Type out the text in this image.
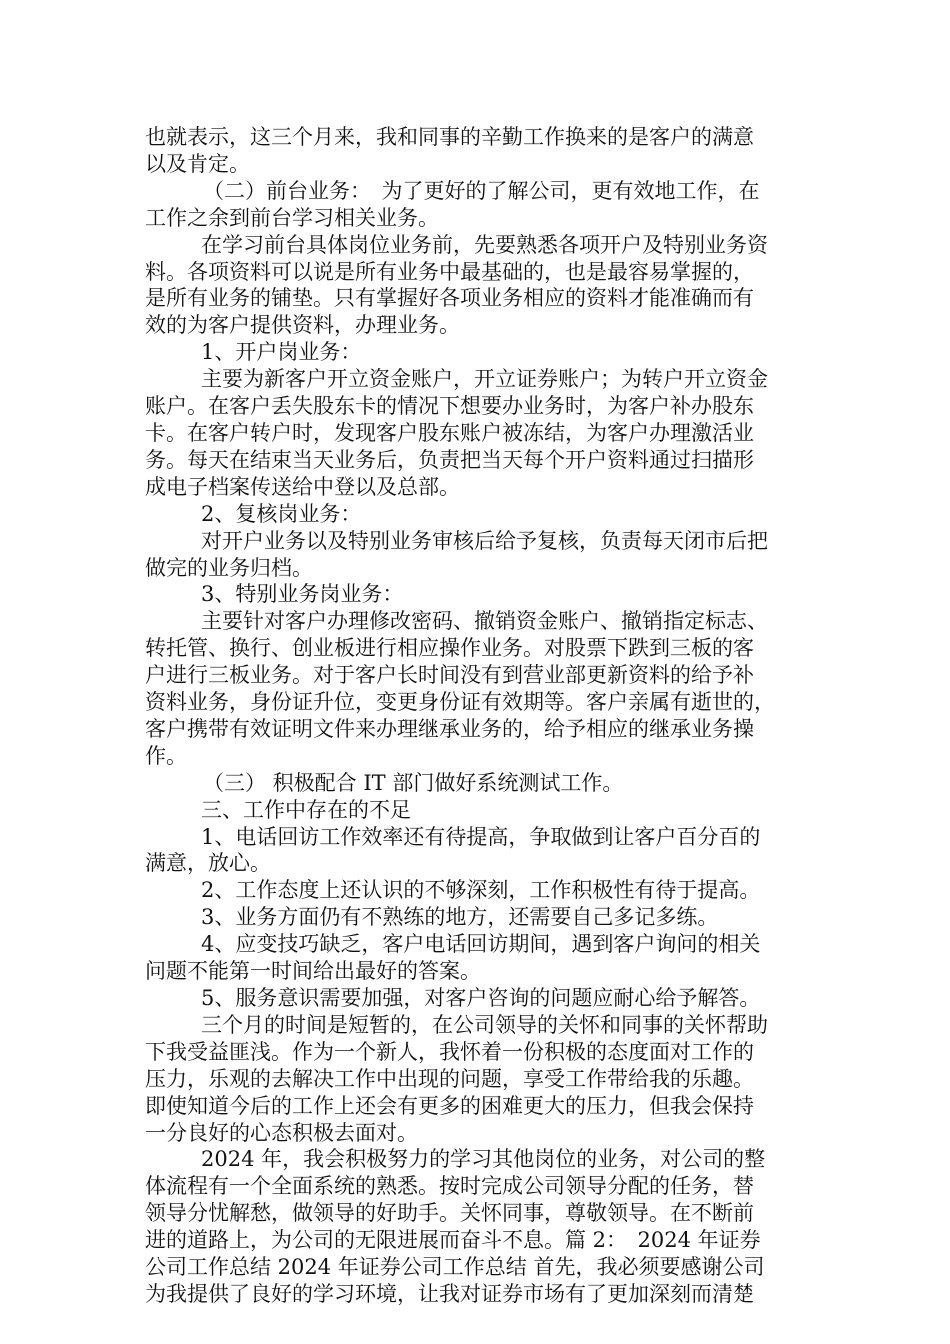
也就表示，这三个月来，我和同事的辛勤工作换来的是客户的满意
以及肯定。
（二）前台业务：　为了更好的了解公司，更有效地工作，在
工作之余到前台学习相关业务。
在学习前台具体岗位业务前，先要熟悉各项开户及特别业务资
料。各项资料可以说是所有业务中最基础的，也是最容易掌握的，
是所有业务的铺垫。只有掌握好各项业务相应的资料才能准确而有
效的为客户提供资料，办理业务。
1、开户岗业务：
主要为新客户开立资金账户，开立证券账户；为转户开立资金
账户。在客户丢失股东卡的情况下想要办业务时，为客户补办股东
卡。在客户转户时，发现客户股东账户被冻结，为客户办理激活业
务。每天在结束当天业务后，负责把当天每个开户资料通过扫描形
成电子档案传送给中登以及总部。
2、复核岗业务：
对开户业务以及特别业务审核后给予复核，负责每天闭市后把
做完的业务归档。
3、特别业务岗业务：
主要针对客户办理修改密码、撤销资金账户、撤销指定标志、
转托管、换行、创业板进行相应操作业务。对股票下跌到三板的客
户进行三板业务。对于客户长时间没有到营业部更新资料的给予补
资料业务，身份证升位，变更身份证有效期等。客户亲属有逝世的，
客户携带有效证明文件来办理继承业务的，给予相应的继承业务操
作。
（三） 积极配合 IT 部门做好系统测试工作。
三、工作中存在的不足
1、电话回访工作效率还有待提高，争取做到让客户百分百的
满意，放心。
2、工作态度上还认识的不够深刻，工作积极性有待于提高。
3、业务方面仍有不熟练的地方，还需要自己多记多练。
4、应变技巧缺乏，客户电话回访期间，遇到客户询问的相关
问题不能第一时间给出最好的答案。
5、服务意识需要加强，对客户咨询的问题应耐心给予解答。
三个月的时间是短暂的，在公司领导的关怀和同事的关怀帮助
下我受益匪浅。作为一个新人，我怀着一份积极的态度面对工作的
压力，乐观的去解决工作中出现的问题，享受工作带给我的乐趣。
即使知道今后的工作上还会有更多的困难更大的压力，但我会保持
一分良好的心态积极去面对。
2024 年，我会积极努力的学习其他岗位的业务，对公司的整
体流程有一个全面系统的熟悉。按时完成公司领导分配的任务，替
领导分忧解愁，做领导的好助手。关怀同事，尊敬领导。在不断前
进的道路上，为公司的无限进展而奋斗不息。篇 2：　2024 年证券
公司工作总结 2024 年证券公司工作总结 首先，我必须要感谢公司
为我提供了良好的学习环境，让我对证券市场有了更加深刻而清楚
